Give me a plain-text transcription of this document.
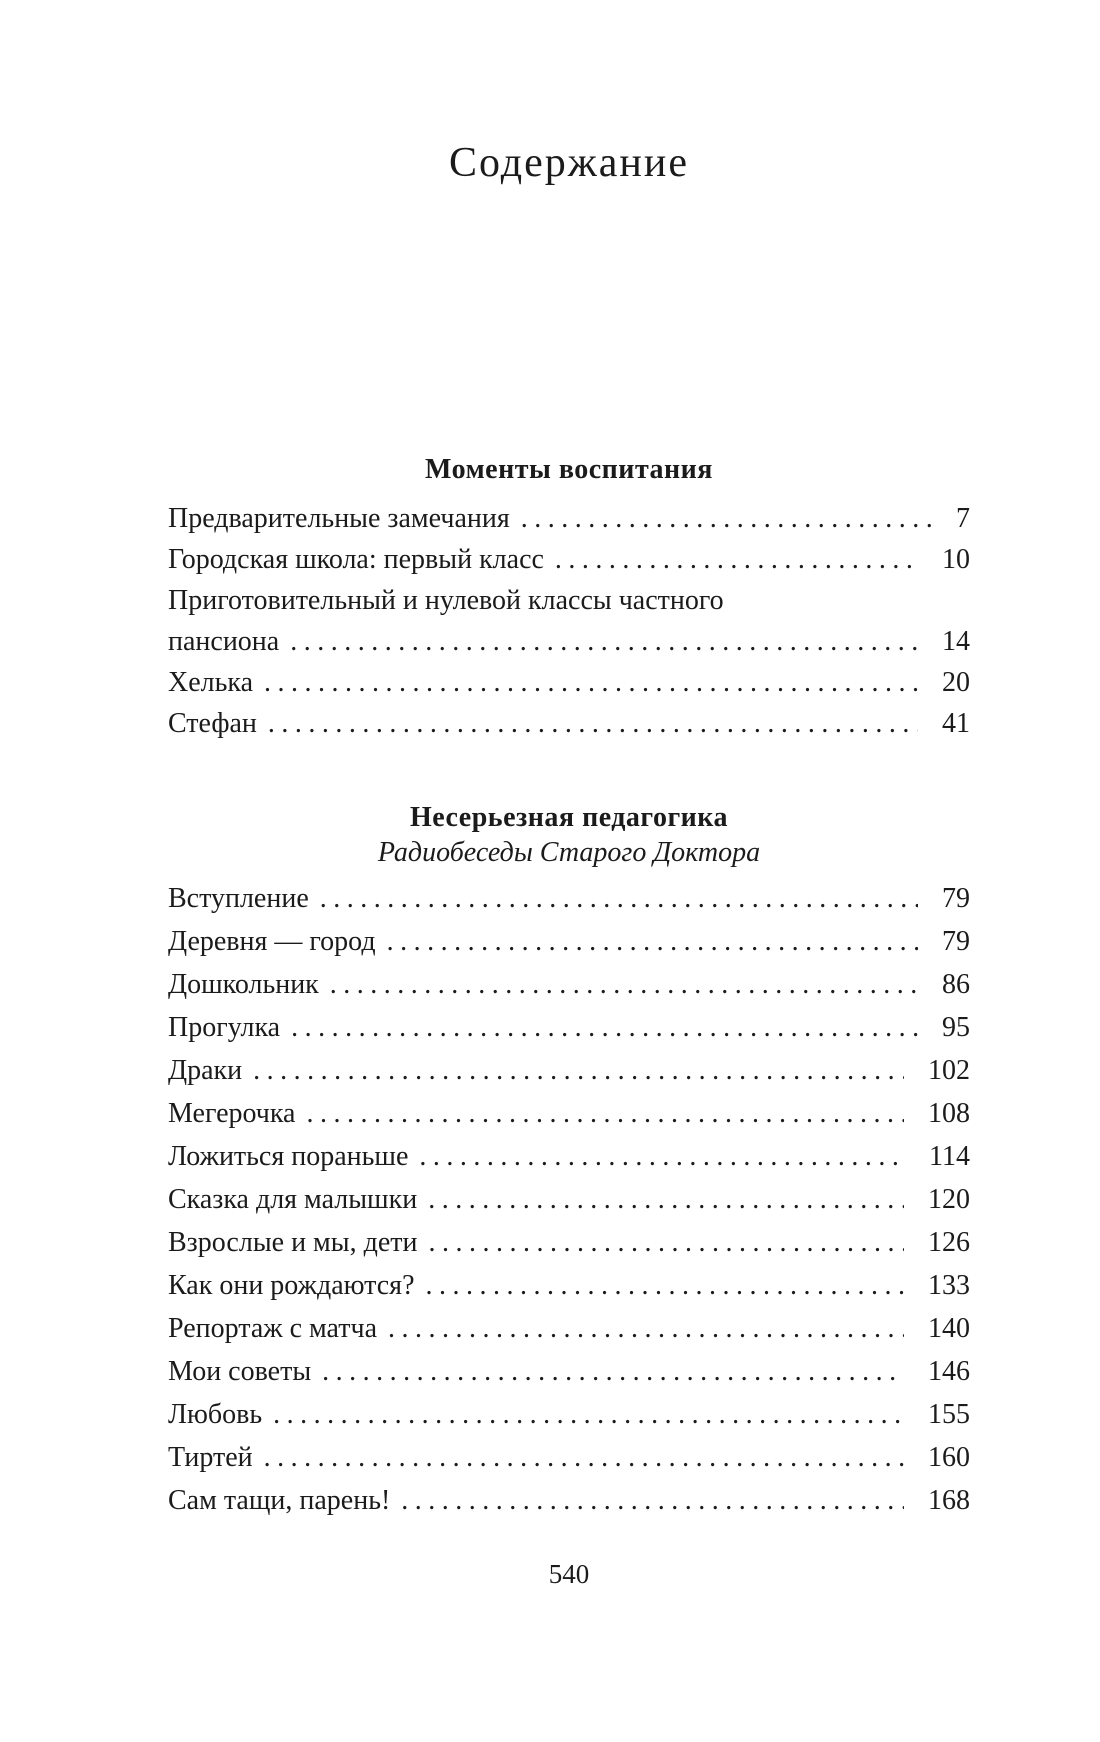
Содержание
Моменты воспитания
Предварительные замечания .....	7
Городская школа: первый класс .....	10
Приготовительный и нулевой классы частного
пансиона .....	14
Хелька .....	20
Стефан .....	41
Несерьезная педагогика

Радиобеседы Старого Доктора

Вступление .....	79
Деревня — город .....	79
Дошкольник .....	86
Прогулка .....	95
Драки .....	102
Мегерочка .....	108
Ложиться пораньше .....	114
Сказка для малышки .....	120
Взрослые и мы, дети .....	126
Как они рождаются? .....	133
Репортаж с матча .....	140
Мои советы .....	146
Любовь .....	155
Тиртей .....	160
Сам тащи, парень! .....	168
540
